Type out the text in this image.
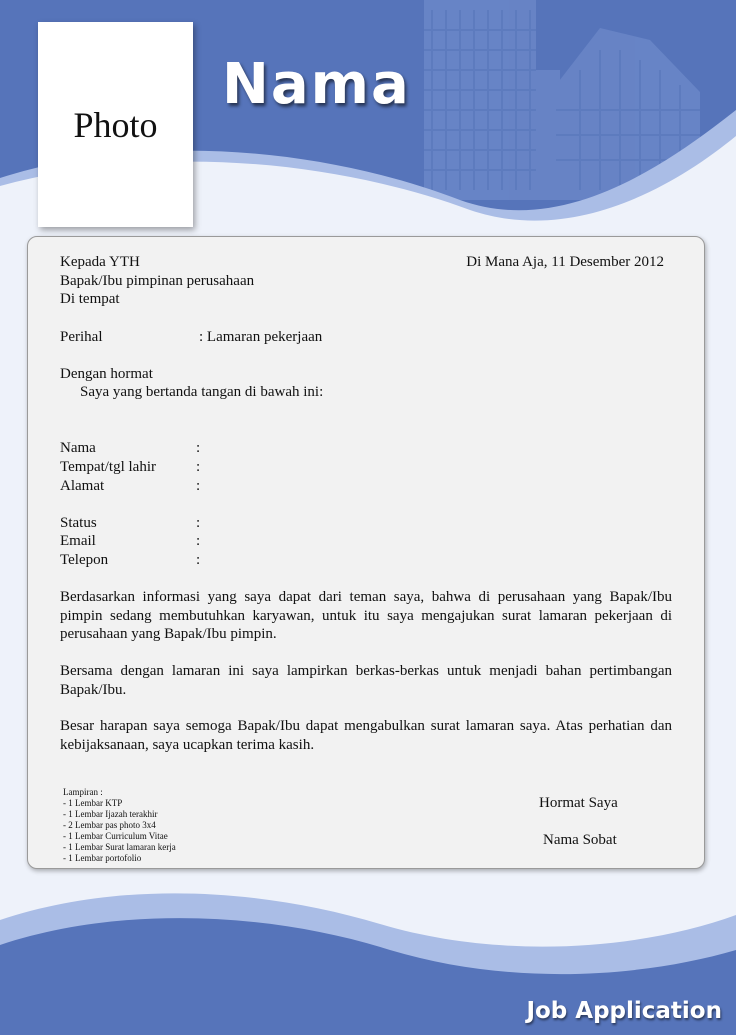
Photo
Nama
Kepada YTH	Di Mana Aja, 11 Desember 2012
Bapak/Ibu pimpinan perusahaan
Di tempat
Perihal	: Lamaran pekerjaan
Dengan hormat
Saya yang bertanda tangan di bawah ini:
Nama	:
Tempat/tgl lahir	:
Alamat	:
Status	:
Email	:
Telepon	:
Berdasarkan informasi yang saya dapat dari teman saya, bahwa di perusahaan yang Bapak/Ibu pimpin sedang membutuhkan karyawan, untuk itu saya mengajukan surat lamaran pekerjaan di perusahaan yang Bapak/Ibu pimpin.
Bersama dengan lamaran ini saya lampirkan berkas-berkas untuk menjadi bahan pertimbangan Bapak/Ibu.
Besar harapan saya semoga Bapak/Ibu dapat mengabulkan surat lamaran saya. Atas perhatian dan kebijaksanaan, saya ucapkan terima kasih.
Lampiran :
- 1 Lembar KTP
- 1 Lembar Ijazah terakhir
- 2 Lembar pas photo 3x4
- 1 Lembar Curriculum Vitae
- 1 Lembar Surat lamaran kerja
- 1 Lembar portofolio
Hormat Saya
Nama Sobat
Job Application
